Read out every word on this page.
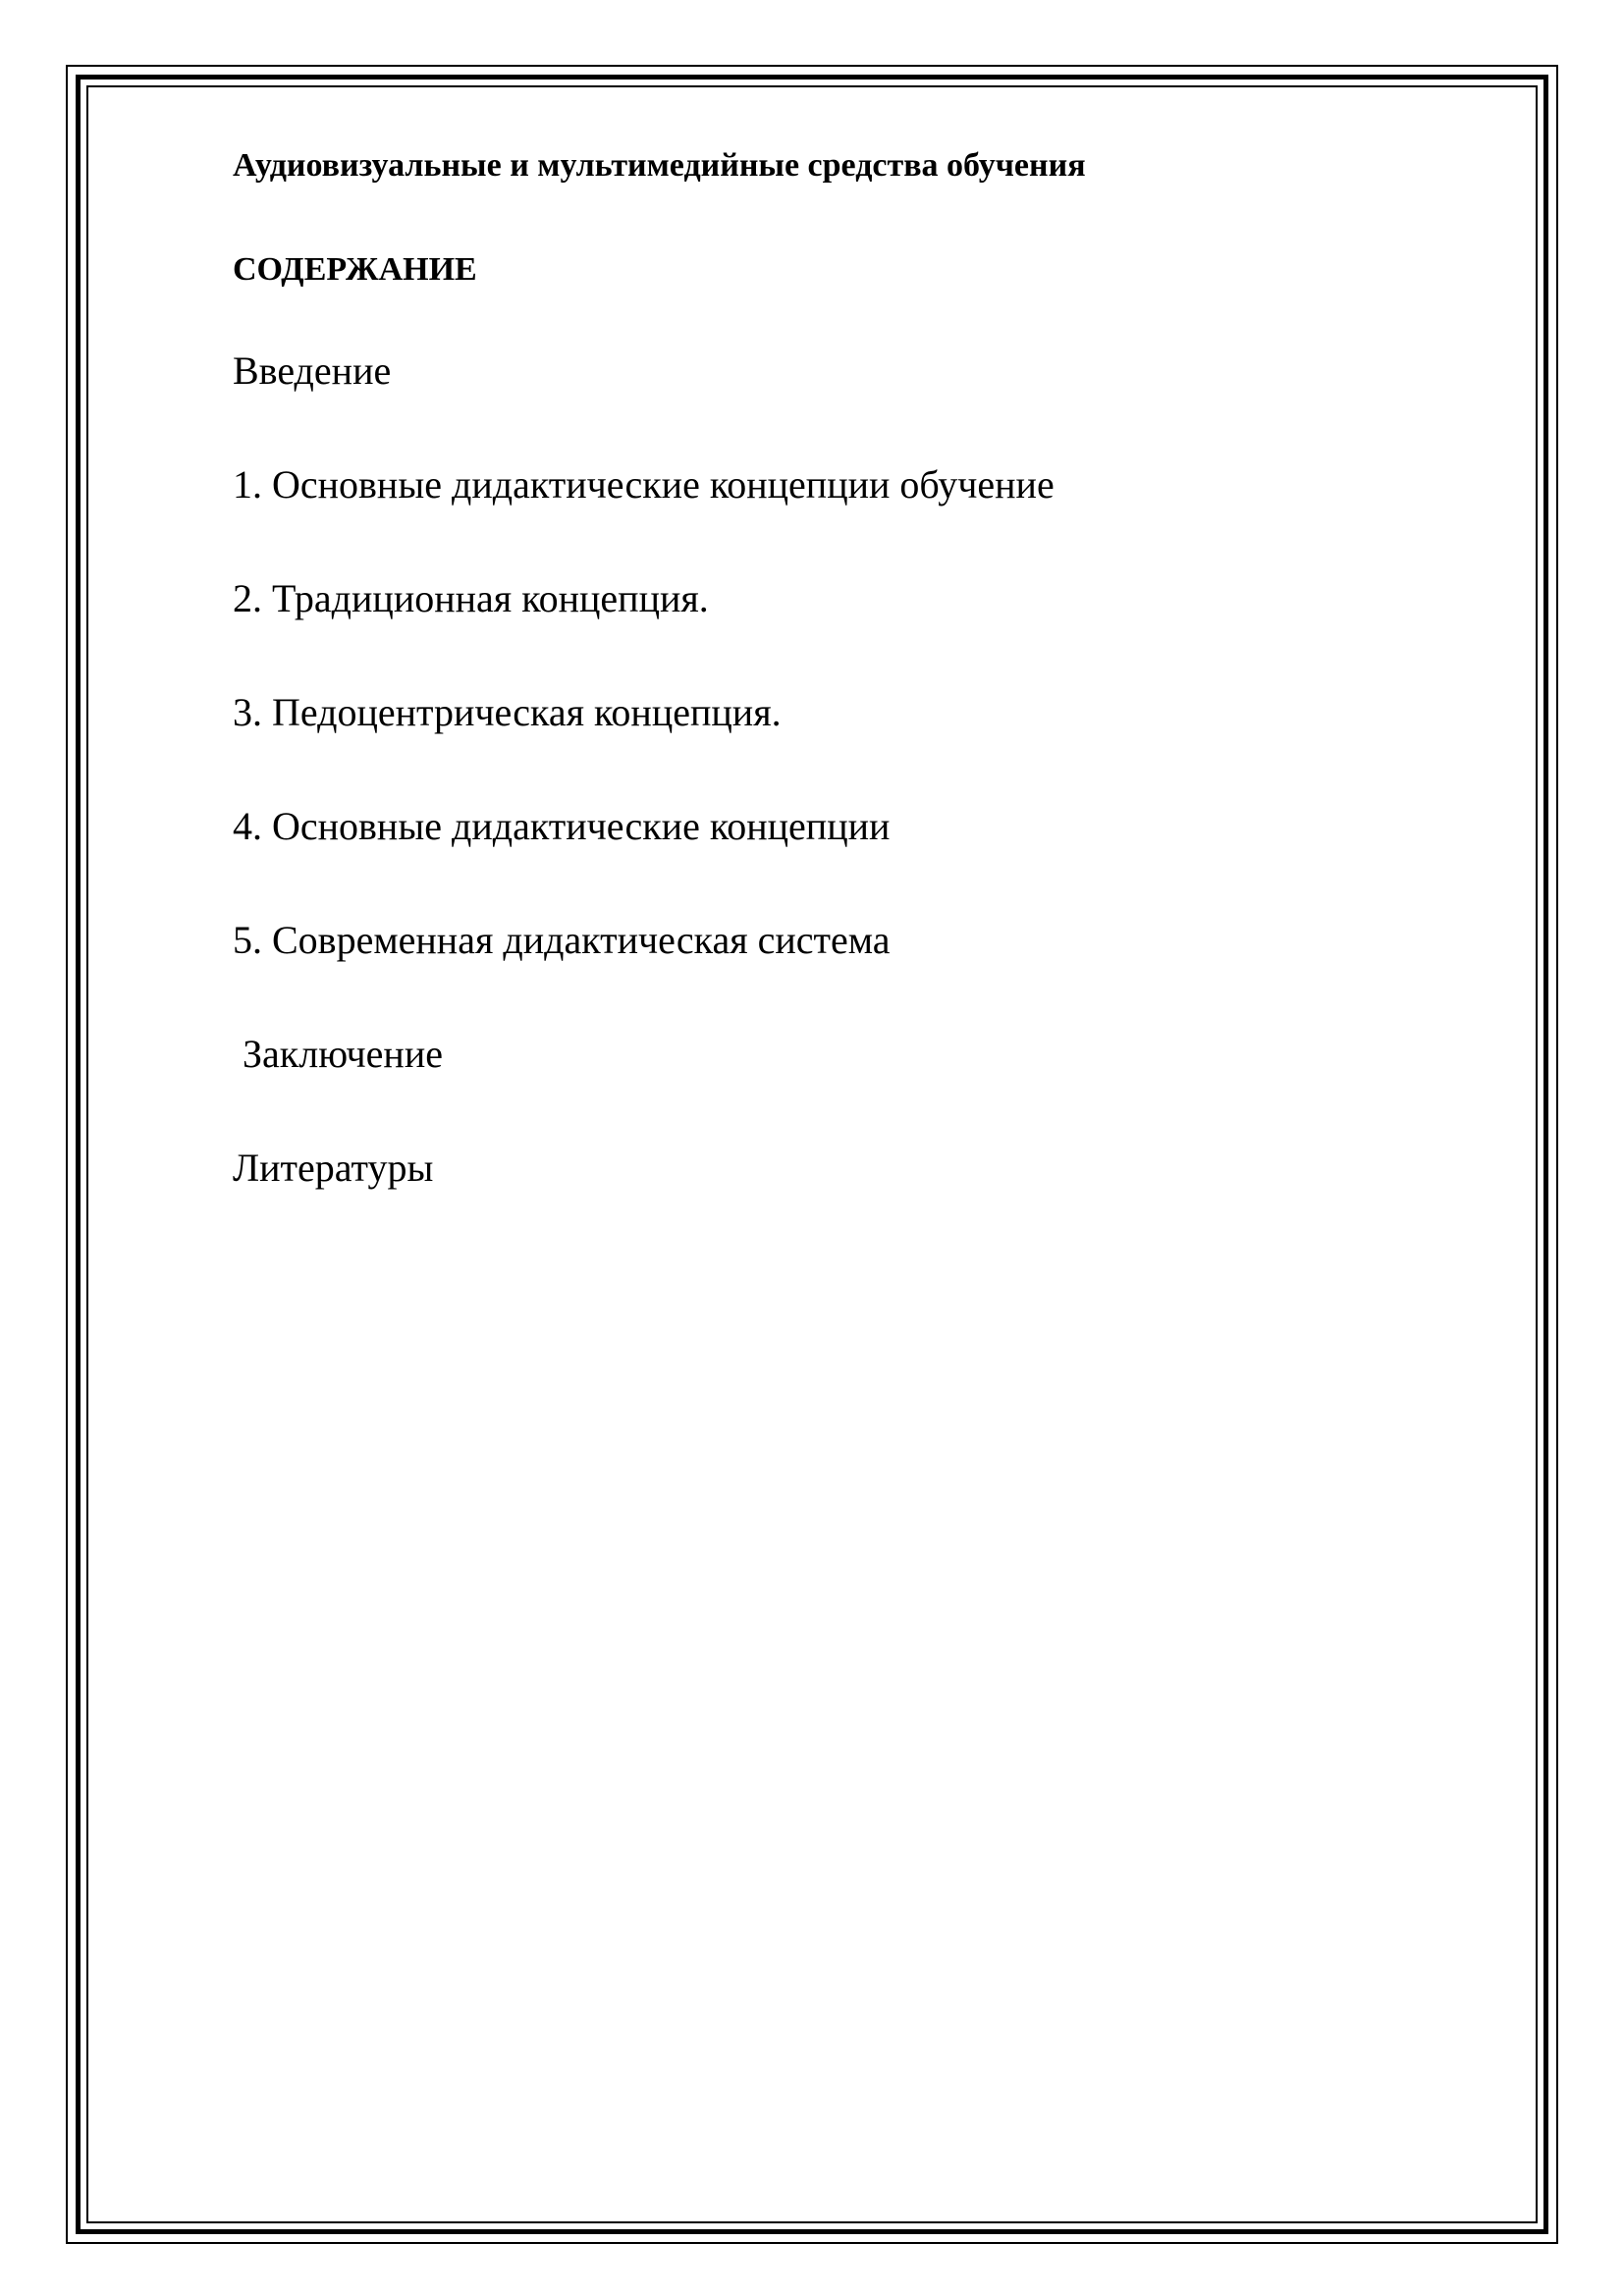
Аудиовизуальные и мультимедийные средства обучения
СОДЕРЖАНИЕ
Введение
1. Основные дидактические концепции обучение
2. Традиционная концепция.
3. Педоцентрическая концепция.
4. Основные дидактические концепции
5. Современная дидактическая система
Заключение
Литературы
